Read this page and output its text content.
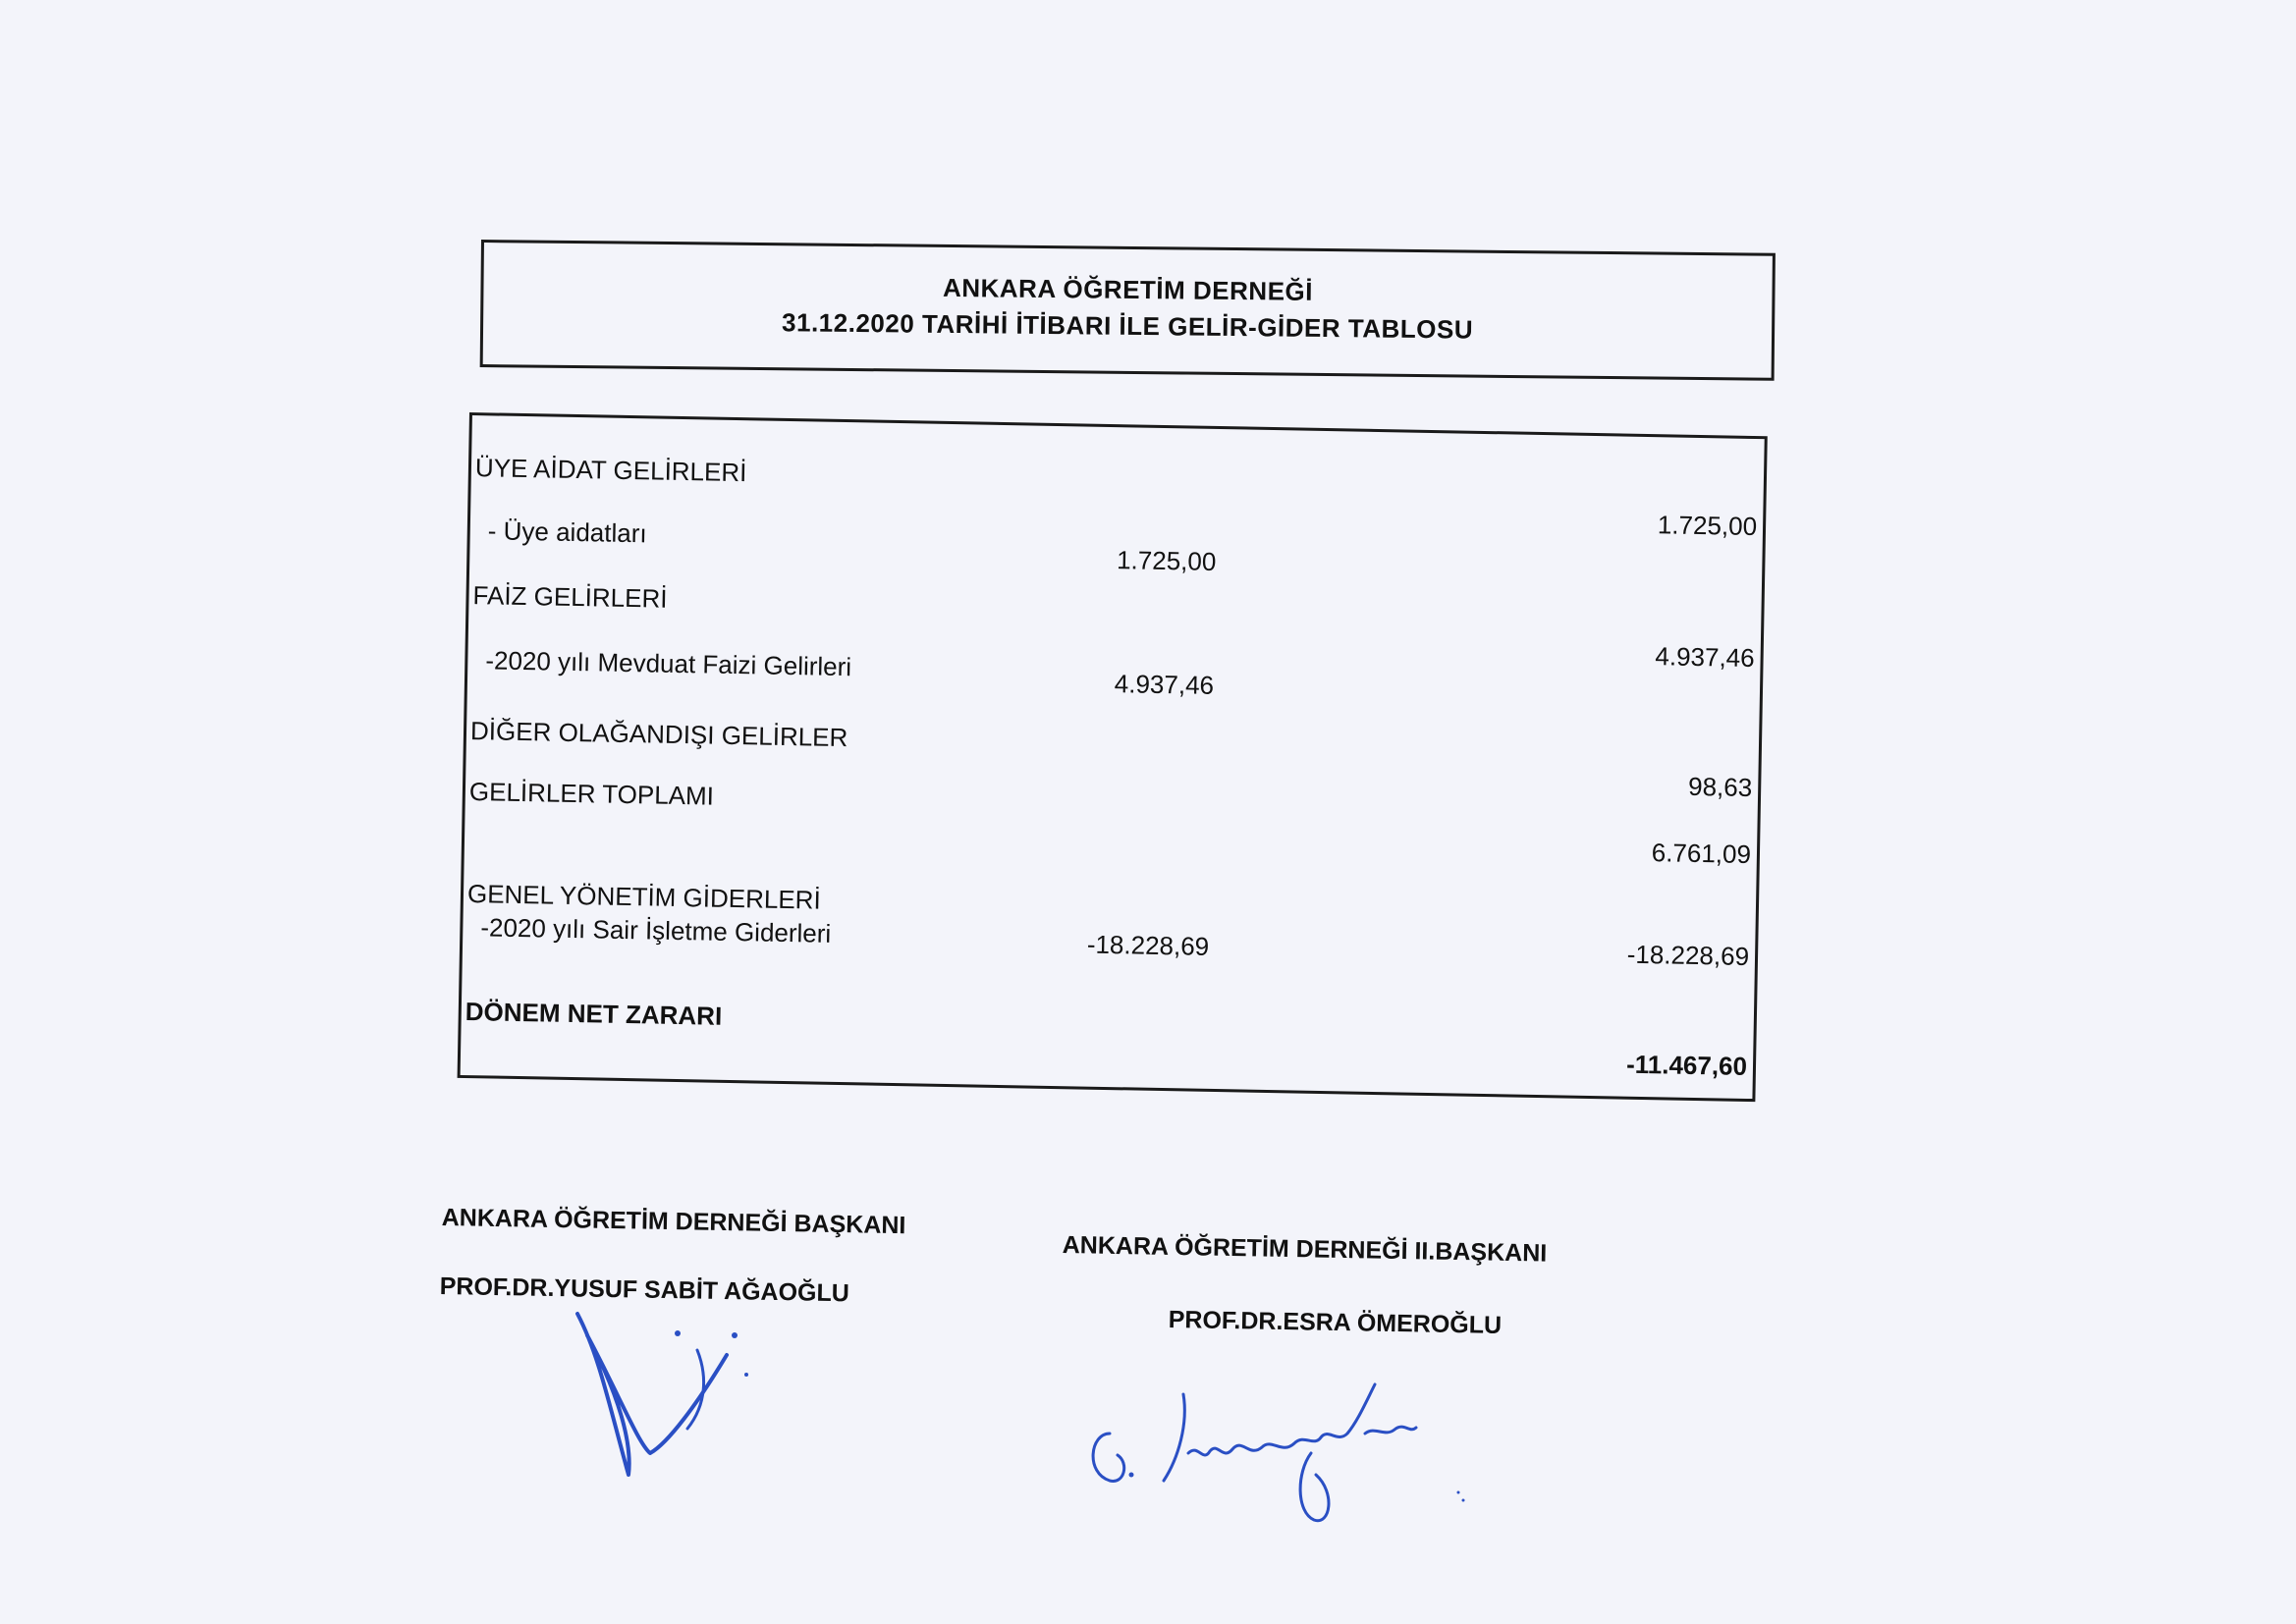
ANKARA ÖĞRETİM DERNEĞİ
31.12.2020 TARİHİ İTİBARI İLE GELİR-GİDER TABLOSU
ÜYE AİDAT GELİRLERİ
1.725,00
- Üye aidatları
1.725,00
FAİZ GELİRLERİ
4.937,46
-2020 yılı Mevduat Faizi Gelirleri
4.937,46
DİĞER OLAĞANDIŞI GELİRLER
98,63
GELİRLER TOPLAMI
6.761,09
GENEL YÖNETİM GİDERLERİ
-2020 yılı Sair İşletme Giderleri	-18.228,69	-18.228,69
DÖNEM NET ZARARI
-11.467,60
ANKARA ÖĞRETİM DERNEĞİ BAŞKANI
PROF.DR.YUSUF SABİT AĞAOĞLU
ANKARA ÖĞRETİM DERNEĞİ II.BAŞKANI
PROF.DR.ESRA ÖMEROĞLU
